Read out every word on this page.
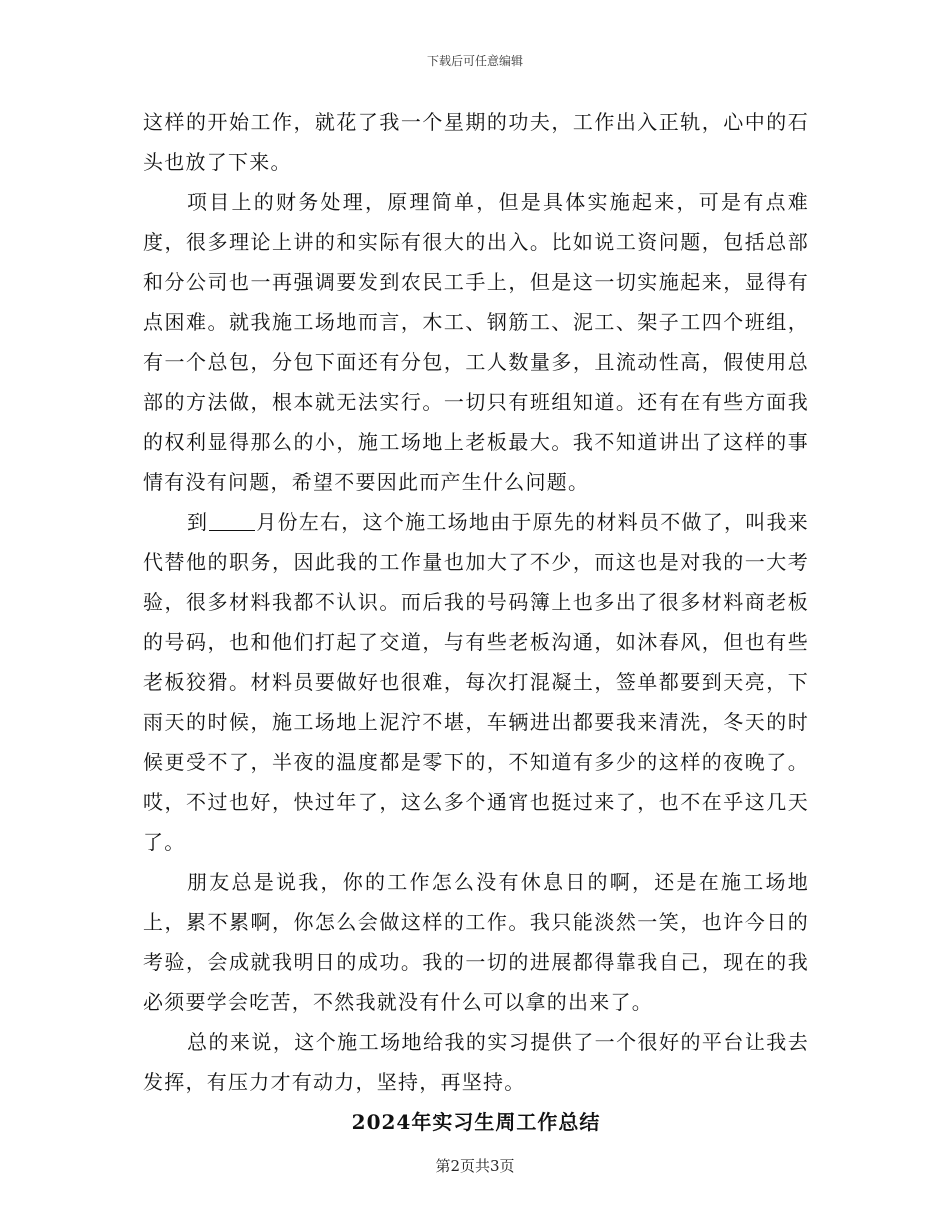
下载后可任意编辑

这样的开始工作，就花了我一个星期的功夫，工作出入正轨，心中的石头也放了下来。

项目上的财务处理，原理简单，但是具体实施起来，可是有点难度，很多理论上讲的和实际有很大的出入。比如说工资问题，包括总部和分公司也一再强调要发到农民工手上，但是这一切实施起来，显得有点困难。就我施工场地而言，木工、钢筋工、泥工、架子工四个班组，有一个总包，分包下面还有分包，工人数量多，且流动性高，假使用总部的方法做，根本就无法实行。一切只有班组知道。还有在有些方面我的权利显得那么的小，施工场地上老板最大。我不知道讲出了这样的事情有没有问题，希望不要因此而产生什么问题。

到 月份左右，这个施工场地由于原先的材料员不做了，叫我来代替他的职务，因此我的工作量也加大了不少，而这也是对我的一大考验，很多材料我都不认识。而后我的号码簿上也多出了很多材料商老板的号码，也和他们打起了交道，与有些老板沟通，如沐春风，但也有些老板狡猾。材料员要做好也很难，每次打混凝土，签单都要到天亮，下雨天的时候，施工场地上泥泞不堪，车辆进出都要我来清洗，冬天的时候更受不了，半夜的温度都是零下的，不知道有多少的这样的夜晚了。哎，不过也好，快过年了，这么多个通宵也挺过来了，也不在乎这几天了。

朋友总是说我，你的工作怎么没有休息日的啊，还是在施工场地上，累不累啊，你怎么会做这样的工作。我只能淡然一笑，也许今日的考验，会成就我明日的成功。我的一切的进展都得靠我自己，现在的我必须要学会吃苦，不然我就没有什么可以拿的出来了。

总的来说，这个施工场地给我的实习提供了一个很好的平台让我去发挥，有压力才有动力，坚持，再坚持。

2024年实习生周工作总结

第2页共3页
